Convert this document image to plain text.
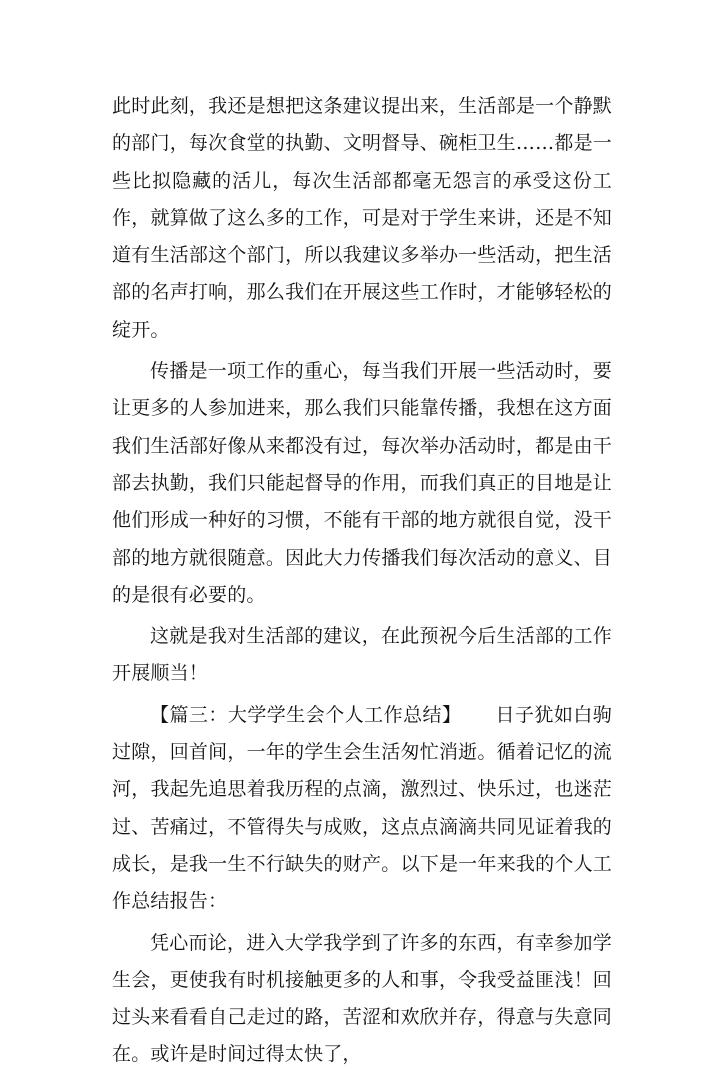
此时此刻，我还是想把这条建议提出来，生活部是一个静默的部门，每次食堂的执勤、文明督导、碗柜卫生……都是一些比拟隐藏的活儿，每次生活部都毫无怨言的承受这份工作，就算做了这么多的工作，可是对于学生来讲，还是不知道有生活部这个部门，所以我建议多举办一些活动，把生活部的名声打响，那么我们在开展这些工作时，才能够轻松的绽开。

传播是一项工作的重心，每当我们开展一些活动时，要让更多的人参加进来，那么我们只能靠传播，我想在这方面我们生活部好像从来都没有过，每次举办活动时，都是由干部去执勤，我们只能起督导的作用，而我们真正的目地是让他们形成一种好的习惯，不能有干部的地方就很自觉，没干部的地方就很随意。因此大力传播我们每次活动的意义、目的是很有必要的。

这就是我对生活部的建议，在此预祝今后生活部的工作开展顺当！

【篇三：大学学生会个人工作总结】 日子犹如白驹过隙，回首间，一年的学生会生活匆忙消逝。循着记忆的流河，我起先追思着我历程的点滴，激烈过、快乐过，也迷茫过、苦痛过，不管得失与成败，这点点滴滴共同见证着我的成长，是我一生不行缺失的财产。以下是一年来我的个人工作总结报告：

凭心而论，进入大学我学到了许多的东西，有幸参加学生会，更使我有时机接触更多的人和事，令我受益匪浅！回过头来看看自己走过的路，苦涩和欢欣并存，得意与失意同在。或许是时间过得太快了，
